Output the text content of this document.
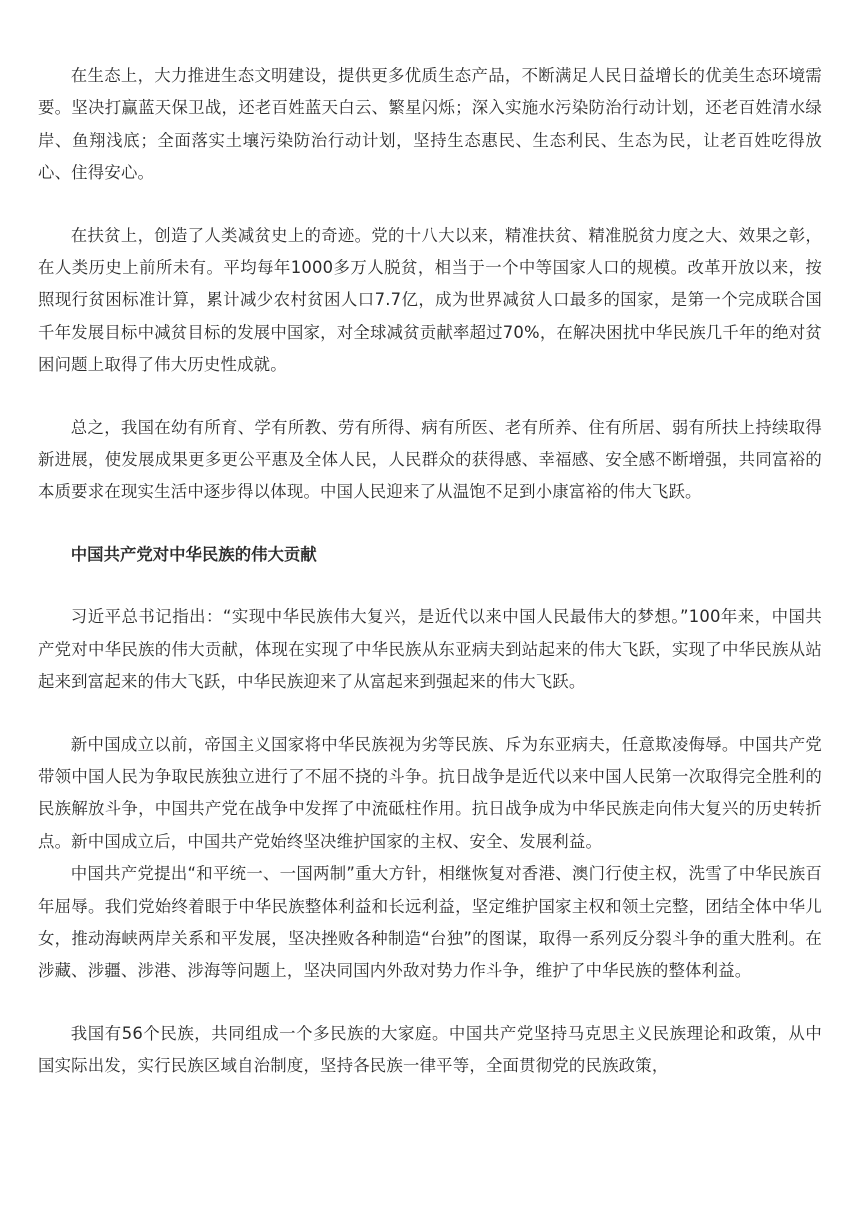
在生态上，大力推进生态文明建设，提供更多优质生态产品，不断满足人民日益增长的优美生态环境需要。坚决打赢蓝天保卫战，还老百姓蓝天白云、繁星闪烁；深入实施水污染防治行动计划，还老百姓清水绿岸、鱼翔浅底；全面落实土壤污染防治行动计划，坚持生态惠民、生态利民、生态为民，让老百姓吃得放心、住得安心。

在扶贫上，创造了人类减贫史上的奇迹。党的十八大以来，精准扶贫、精准脱贫力度之大、效果之彰，在人类历史上前所未有。平均每年1000多万人脱贫，相当于一个中等国家人口的规模。改革开放以来，按照现行贫困标准计算，累计减少农村贫困人口7.7亿，成为世界减贫人口最多的国家，是第一个完成联合国千年发展目标中减贫目标的发展中国家，对全球减贫贡献率超过70%，在解决困扰中华民族几千年的绝对贫困问题上取得了伟大历史性成就。

总之，我国在幼有所育、学有所教、劳有所得、病有所医、老有所养、住有所居、弱有所扶上持续取得新进展，使发展成果更多更公平惠及全体人民，人民群众的获得感、幸福感、安全感不断增强，共同富裕的本质要求在现实生活中逐步得以体现。中国人民迎来了从温饱不足到小康富裕的伟大飞跃。

中国共产党对中华民族的伟大贡献

习近平总书记指出：“实现中华民族伟大复兴，是近代以来中国人民最伟大的梦想。”100年来，中国共产党对中华民族的伟大贡献，体现在实现了中华民族从东亚病夫到站起来的伟大飞跃，实现了中华民族从站起来到富起来的伟大飞跃，中华民族迎来了从富起来到强起来的伟大飞跃。

新中国成立以前，帝国主义国家将中华民族视为劣等民族、斥为东亚病夫，任意欺凌侮辱。中国共产党带领中国人民为争取民族独立进行了不屈不挠的斗争。抗日战争是近代以来中国人民第一次取得完全胜利的民族解放斗争，中国共产党在战争中发挥了中流砥柱作用。抗日战争成为中华民族走向伟大复兴的历史转折点。新中国成立后，中国共产党始终坚决维护国家的主权、安全、发展利益。

中国共产党提出“和平统一、一国两制”重大方针，相继恢复对香港、澳门行使主权，洗雪了中华民族百年屈辱。我们党始终着眼于中华民族整体利益和长远利益，坚定维护国家主权和领土完整，团结全体中华儿女，推动海峡两岸关系和平发展，坚决挫败各种制造“台独”的图谋，取得一系列反分裂斗争的重大胜利。在涉藏、涉疆、涉港、涉海等问题上，坚决同国内外敌对势力作斗争，维护了中华民族的整体利益。

我国有56个民族，共同组成一个多民族的大家庭。中国共产党坚持马克思主义民族理论和政策，从中国实际出发，实行民族区域自治制度，坚持各民族一律平等，全面贯彻党的民族政策，
